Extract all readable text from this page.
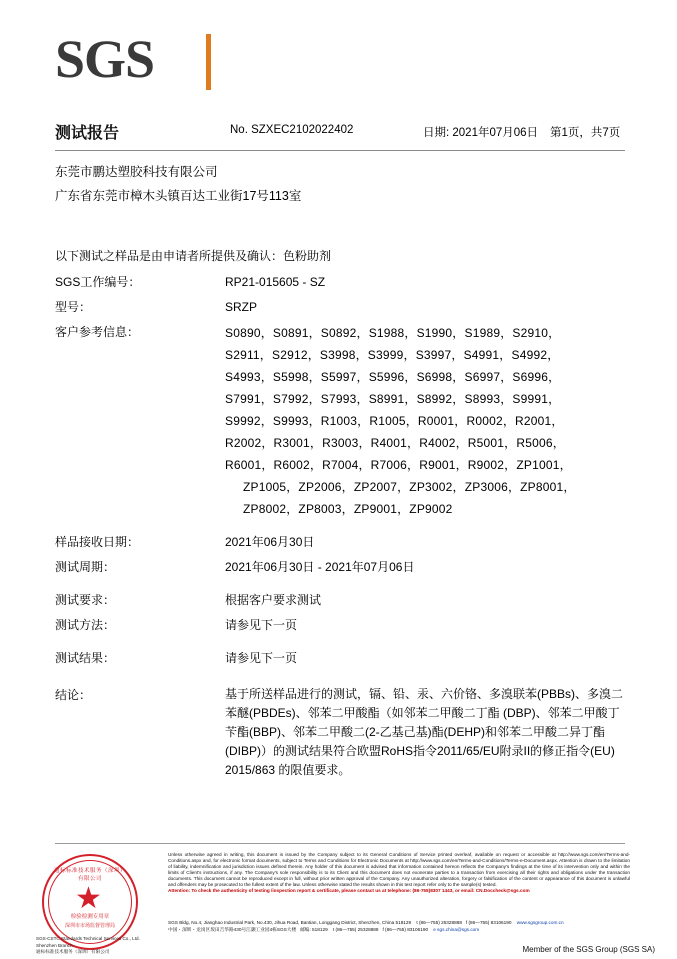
SGS
测试报告	No. SZXEC2102022402	日期: 2021年07月06日 第1页，共7页
东莞市鹏达塑胶科技有限公司
广东省东莞市樟木头镇百达工业街17号113室
以下测试之样品是由申请者所提供及确认：色粉助剂
SGS工作编号：	RP21-015605 - SZ
型号：	SRZP
客户参考信息：	S0890，S0891，S0892，S1988，S1990，S1989，S2910，
S2911，S2912，S3998，S3999，S3997，S4991，S4992，
S4993，S5998，S5997，S5996，S6998，S6997，S6996，
S7991，S7992，S7993，S8991，S8992，S8993，S9991，
S9992，S9993，R1003，R1005，R0001，R0002，R2001，
R2002，R3001，R3003，R4001，R4002，R5001，R5006，
R6001，R6002，R7004，R7006，R9001，R9002，ZP1001，
ZP1005，ZP2006，ZP2007，ZP3002，ZP3006，ZP8001，
ZP8002，ZP8003，ZP9001，ZP9002
样品接收日期：	2021年06月30日
测试周期：	2021年06月30日 - 2021年07月06日
测试要求：	根据客户要求测试
测试方法：	请参见下一页
测试结果：	请参见下一页
结论：	基于所送样品进行的测试，镉、铅、汞、六价铬、多溴联苯(PBBs)、多溴二苯醚(PBDEs)、邻苯二甲酸酯（如邻苯二甲酸二丁酯 (DBP)、邻苯二甲酸丁苄酯(BBP)、邻苯二甲酸二(2-乙基己基)酯(DEHP)和邻苯二甲酸二异丁酯(DIBP)）的测试结果符合欧盟RoHS指令2011/65/EU附录II的修正指令(EU) 2015/863 的限值要求。
通标标准技术服务（深圳）有限公司
★
检验检测专用章
深圳市市场监督管理局
SGS-CSTC Standards Technical Services Co., Ltd.
Shenzhen Branch
通标标准技术服务（深圳）有限公司
Unless otherwise agreed in writing, this document is issued by the Company subject to its General Conditions of Service printed overleaf, available on request or accessible at http://www.sgs.com/en/Terms-and-Conditions.aspx and, for electronic format documents, subject to Terms and Conditions for Electronic Documents at http://www.sgs.com/en/Terms-and-Conditions/Terms-e-Document.aspx. Attention is drawn to the limitation of liability, indemnification and jurisdiction issues defined therein. Any holder of this document is advised that information contained hereon reflects the Company's findings at the time of its intervention only and within the limits of Client's instructions, if any. The Company's sole responsibility is to its Client and this document does not exonerate parties to a transaction from exercising all their rights and obligations under the transaction documents. This document cannot be reproduced except in full, without prior written approval of the Company. Any unauthorized alteration, forgery or falsification of the content or appearance of this document is unlawful and offenders may be prosecuted to the fullest extent of the law. Unless otherwise stated the results shown in this test report refer only to the sample(s) tested.
Attention: To check the authenticity of testing /inspection report & certificate, please contact us at telephone: (86-755)8307 1443, or email: CN.Doccheck@sgs.com
SGS Bldg, No.4, Jianghao Industrial Park, No.430, Jihua Road, Bantian, Longgang District, Shenzhen, China 518129 t (86—755) 25328888 f (86—755) 83106190 www.sgsgroup.com.cn
中国・深圳・龙岗区坂田吉华路430号江灏工业园4栋SGS大楼 邮编: 518129 t (86—755) 25328888 f (86—755) 83106190 e sgs.china@sgs.com
Member of the SGS Group (SGS SA)
